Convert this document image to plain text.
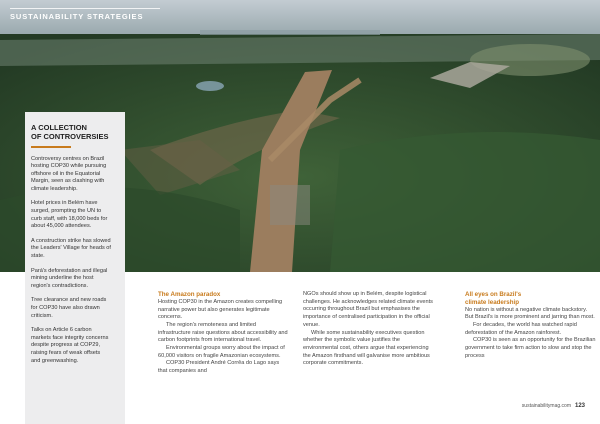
SUSTAINABILITY STRATEGIES
A COLLECTION
OF CONTROVERSIES

Controversy centres on Brazil hosting COP30 while pursuing offshore oil in the Equatorial Margin, seen as clashing with climate leadership.

Hotel prices in Belém have surged, prompting the UN to curb staff, with 18,000 beds for about 45,000 attendees.

A construction strike has slowed the Leaders' Village for heads of state.

Pará's deforestation and illegal mining underline the host region's contradictions.

Tree clearance and new roads for COP30 have also drawn criticism.

Talks on Article 6 carbon markets face integrity concerns despite progress at COP29, raising fears of weak offsets and greenwashing.

The Amazon paradox

Hosting COP30 in the Amazon creates compelling narrative power but also generates legitimate concerns.

The region's remoteness and limited infrastructure raise questions about accessibility and carbon footprints from international travel.

Environmental groups worry about the impact of 60,000 visitors on fragile Amazonian ecosystems.

COP30 President André Corrêa do Lago says that companies and

NGOs should show up in Belém, despite logistical challenges. He acknowledges related climate events occurring throughout Brazil but emphasises the importance of centralised participation in the official venue.

While some sustainability executives question whether the symbolic value justifies the environmental cost, others argue that experiencing the Amazon firsthand will galvanise more ambitious corporate commitments.

All eyes on Brazil's
climate leadership

No nation is without a negative climate backstory. But Brazil's is more prominent and jarring than most.

For decades, the world has watched rapid deforestation of the Amazon rainforest.

COP30 is seen as an opportunity for the Brazilian government to take firm action to slow and stop the process

sustainabilitymag.com 123
